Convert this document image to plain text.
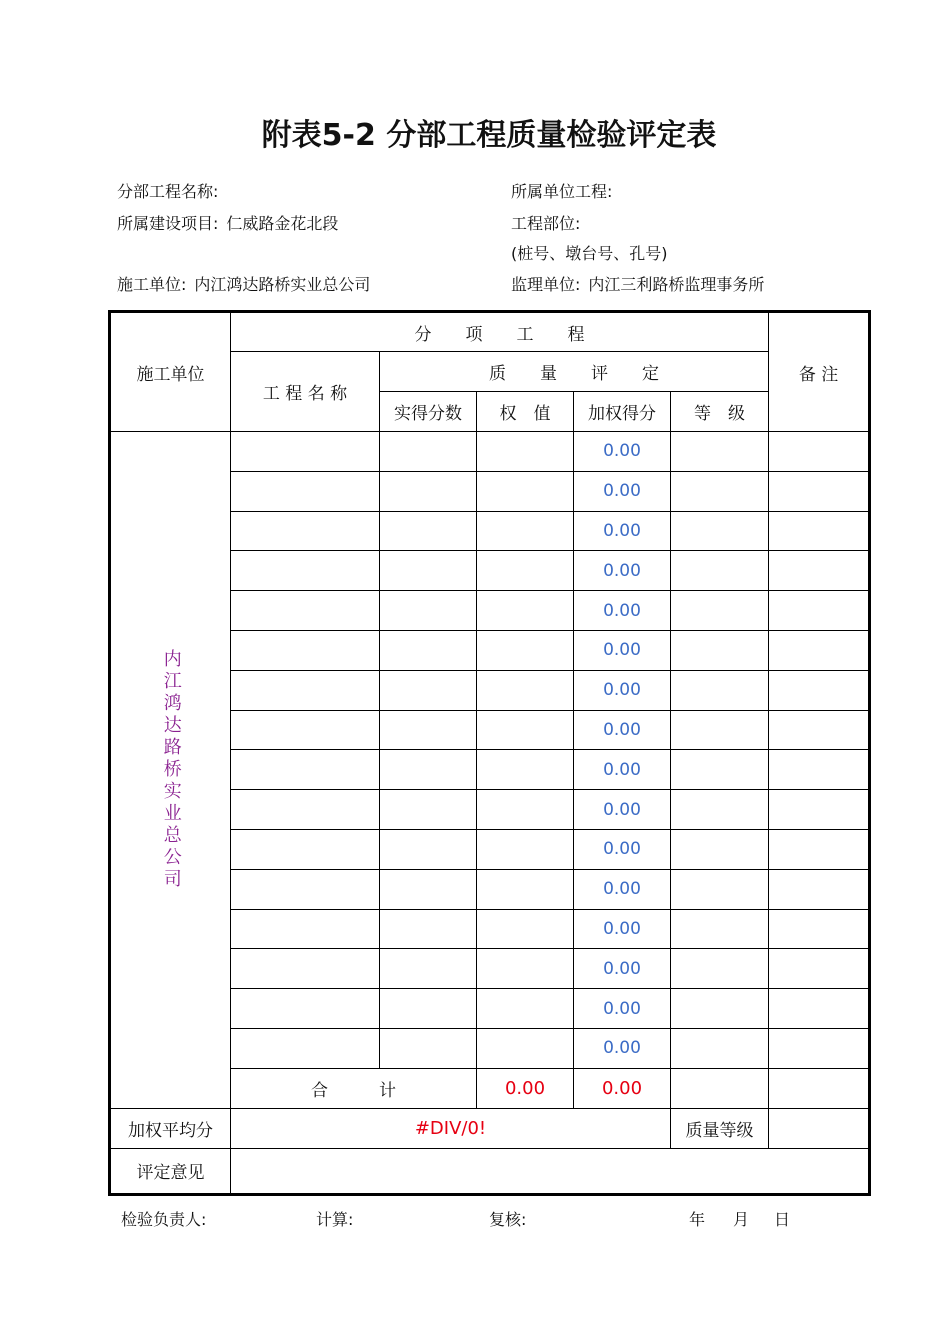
附表5-2 分部工程质量检验评定表
分部工程名称:	所属单位工程:
所属建设项目: 仁威路金花北段	工程部位:
(桩号、墩台号、孔号)
施工单位: 内江鸿达路桥实业总公司	监理单位: 内江三利路桥监理事务所
施工单位	分　　项　　工　　程					备 注
	工 程 名 称	质　　量　　评　　定				
		实得分数	权　值	加权得分	等　级	

内江鸿达路桥实业总公司				0.00		
				0.00		
				0.00		
				0.00		
				0.00		
				0.00		
				0.00		
				0.00		
				0.00		
				0.00		
				0.00		
				0.00		
				0.00		
				0.00		
				0.00		
				0.00		
	合　　　计		0.00	0.00		
加权平均分	#DIV/0!				质量等级	
评定意见						
检验负责人:	计算:	复核:	年 月 日
